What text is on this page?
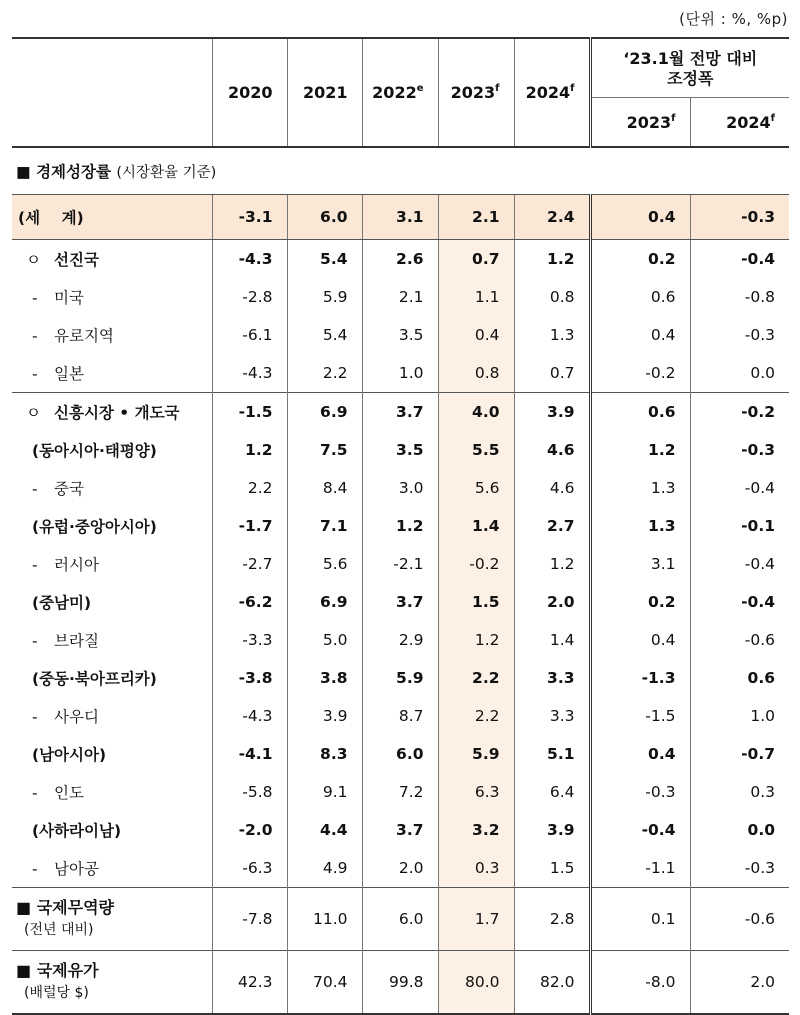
(단위 : %, %p)
	2020	2021	2022e	2023$^f$	2024$^f$	‘23.1월 전망 대비
조정폭	

						2023$^f$	2024$^f$
■ 경제성장률 (시장환율 기준)							
(세    계)	-3.1	6.0	3.1	2.1	2.4	0.4	-0.3
ㅇ 선진국	-4.3	5.4	2.6	0.7	1.2	0.2	-0.4
- 미국	-2.8	5.9	2.1	1.1	0.8	0.6	-0.8
- 유로지역	-6.1	5.4	3.5	0.4	1.3	0.4	-0.3
- 일본	-4.3	2.2	1.0	0.8	0.7	-0.2	0.0
ㅇ 신흥시장 • 개도국	-1.5	6.9	3.7	4.0	3.9	0.6	-0.2
(동아시아·태평양)	1.2	7.5	3.5	5.5	4.6	1.2	-0.3
- 중국	2.2	8.4	3.0	5.6	4.6	1.3	-0.4
(유럽·중앙아시아)	-1.7	7.1	1.2	1.4	2.7	1.3	-0.1
- 러시아	-2.7	5.6	-2.1	-0.2	1.2	3.1	-0.4
(중남미)	-6.2	6.9	3.7	1.5	2.0	0.2	-0.4
- 브라질	-3.3	5.0	2.9	1.2	1.4	0.4	-0.6
(중동·북아프리카)	-3.8	3.8	5.9	2.2	3.3	-1.3	0.6
- 사우디	-4.3	3.9	8.7	2.2	3.3	-1.5	1.0
(남아시아)	-4.1	8.3	6.0	5.9	5.1	0.4	-0.7
- 인도	-5.8	9.1	7.2	6.3	6.4	-0.3	0.3
(사하라이남)	-2.0	4.4	3.7	3.2	3.9	-0.4	0.0
- 남아공	-6.3	4.9	2.0	0.3	1.5	-1.1	-0.3

■ 국제무역량
(전년 대비)	-7.8	11.0	6.0	1.7	2.8	0.1	-0.6

■ 국제유가
(배럴당 $)	42.3	70.4	99.8	80.0	82.0	-8.0	2.0
